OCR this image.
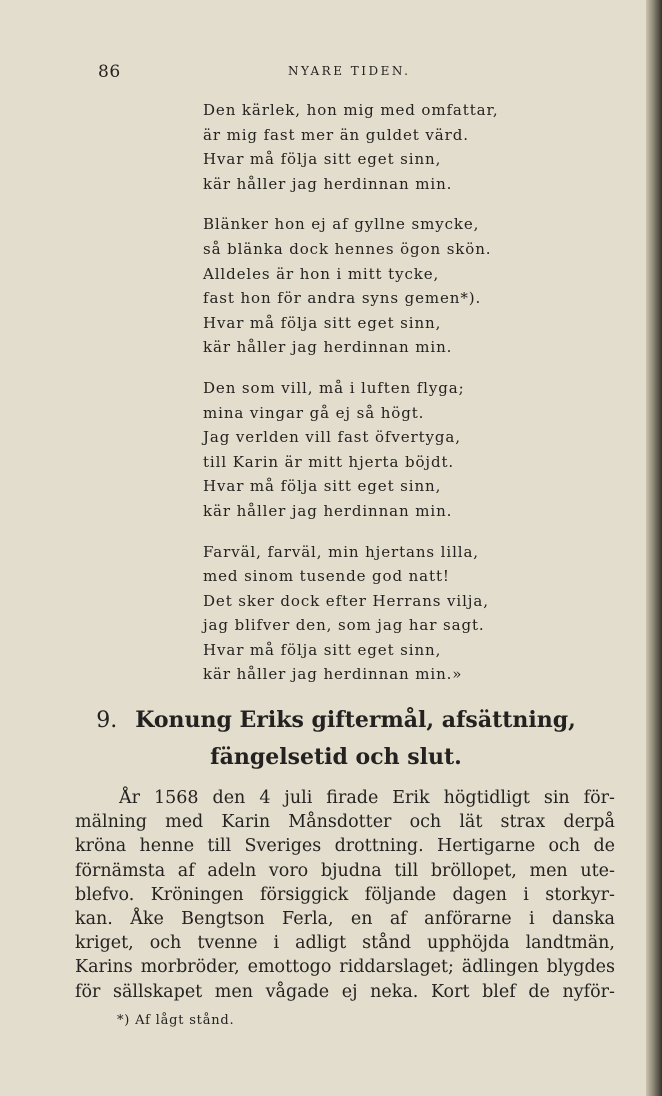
86	NYARE TIDEN.
Den kärlek, hon mig med omfattar,
är mig fast mer än guldet värd.
Hvar må följa sitt eget sinn,
kär håller jag herdinnan min.
Blänker hon ej af gyllne smycke,
så blänka dock hennes ögon skön.
Alldeles är hon i mitt tycke,
fast hon för andra syns gemen*).
Hvar må följa sitt eget sinn,
kär håller jag herdinnan min.
Den som vill, må i luften flyga;
mina vingar gå ej så högt.
Jag verlden vill fast öfvertyga,
till Karin är mitt hjerta böjdt.
Hvar må följa sitt eget sinn,
kär håller jag herdinnan min.
Farväl, farväl, min hjertans lilla,
med sinom tusende god natt!
Det sker dock efter Herrans vilja,
jag blifver den, som jag har sagt.
Hvar må följa sitt eget sinn,
kär håller jag herdinnan min.»
9. Konung Eriks giftermål, afsättning,
fängelsetid och slut.
År 1568 den 4 juli firade Erik högtidligt sin för-
mälning med Karin Månsdotter och lät strax derpå
kröna henne till Sveriges drottning. Hertigarne och de
förnämsta af adeln voro bjudna till bröllopet, men ute-
blefvo. Kröningen försiggick följande dagen i storkyr-
kan. Åke Bengtson Ferla, en af anförarne i danska
kriget, och tvenne i adligt stånd upphöjda landtmän,
Karins morbröder, emottogo riddarslaget; ädlingen blygdes
för sällskapet men vågade ej neka. Kort blef de nyför-
*) Af lågt stånd.
